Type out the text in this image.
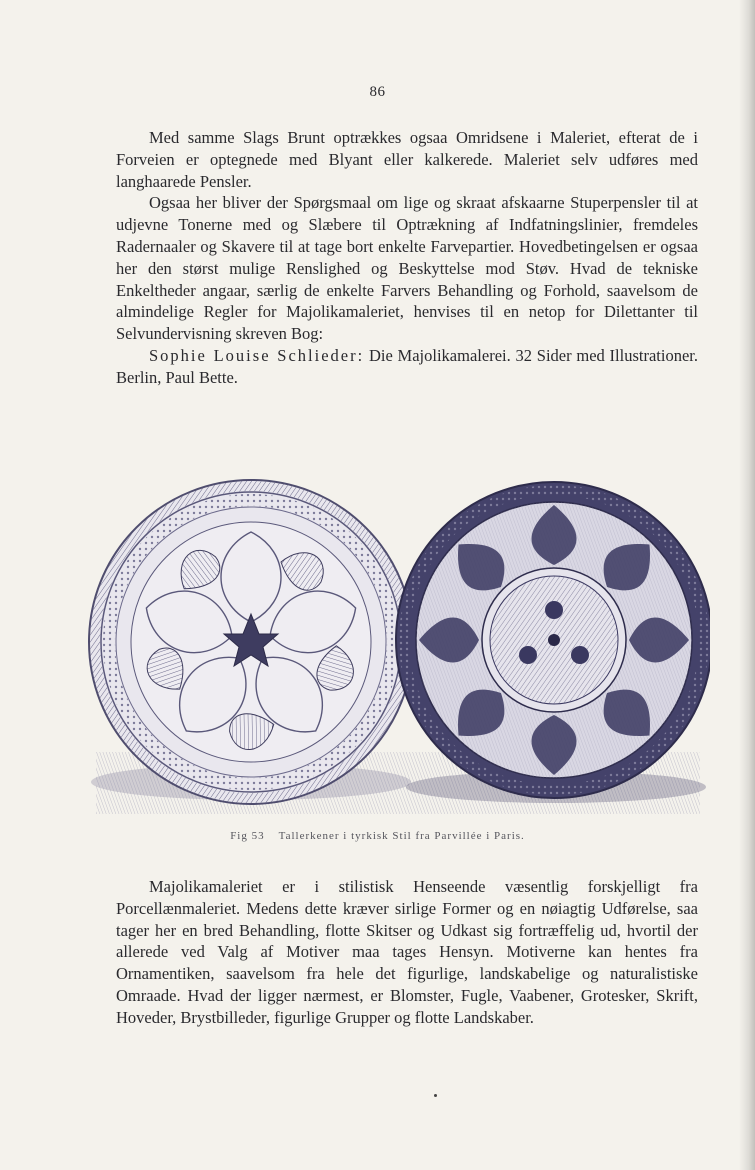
86

Med samme Slags Brunt optrækkes ogsaa Omridsene i Maleriet, efterat de i Forveien er optegnede med Blyant eller kalkerede. Maleriet selv udføres med langhaarede Pensler.

Ogsaa her bliver der Spørgsmaal om lige og skraat afskaarne Stuperpensler til at udjevne Tonerne med og Slæbere til Optrækning af Indfatningslinier, fremdeles Radernaaler og Skavere til at tage bort enkelte Farvepartier. Hovedbetingelsen er ogsaa her den størst mulige Renslighed og Beskyttelse mod Støv. Hvad de tekniske Enkeltheder angaar, særlig de enkelte Farvers Behandling og Forhold, saavelsom de almindelige Regler for Majolikamaleriet, henvises til en netop for Dilettanter til Selvundervisning skreven Bog:

Sophie Louise Schlieder: Die Majolikamalerei. 32 Sider med Illustrationer. Berlin, Paul Bette.

Fig 53 Tallerkener i tyrkisk Stil fra Parvillée i Paris.

Majolikamaleriet er i stilistisk Henseende væsentlig forskjelligt fra Porcellænmaleriet. Medens dette kræver sirlige Former og en nøiagtig Udførelse, saa tager her en bred Behandling, flotte Skitser og Udkast sig fortræffelig ud, hvortil der allerede ved Valg af Motiver maa tages Hensyn. Motiverne kan hentes fra Ornamentiken, saavelsom fra hele det figurlige, landskabelige og naturalistiske Omraade. Hvad der ligger nærmest, er Blomster, Fugle, Vaabener, Grotesker, Skrift, Hoveder, Brystbilleder, figurlige Grupper og flotte Landskaber.
